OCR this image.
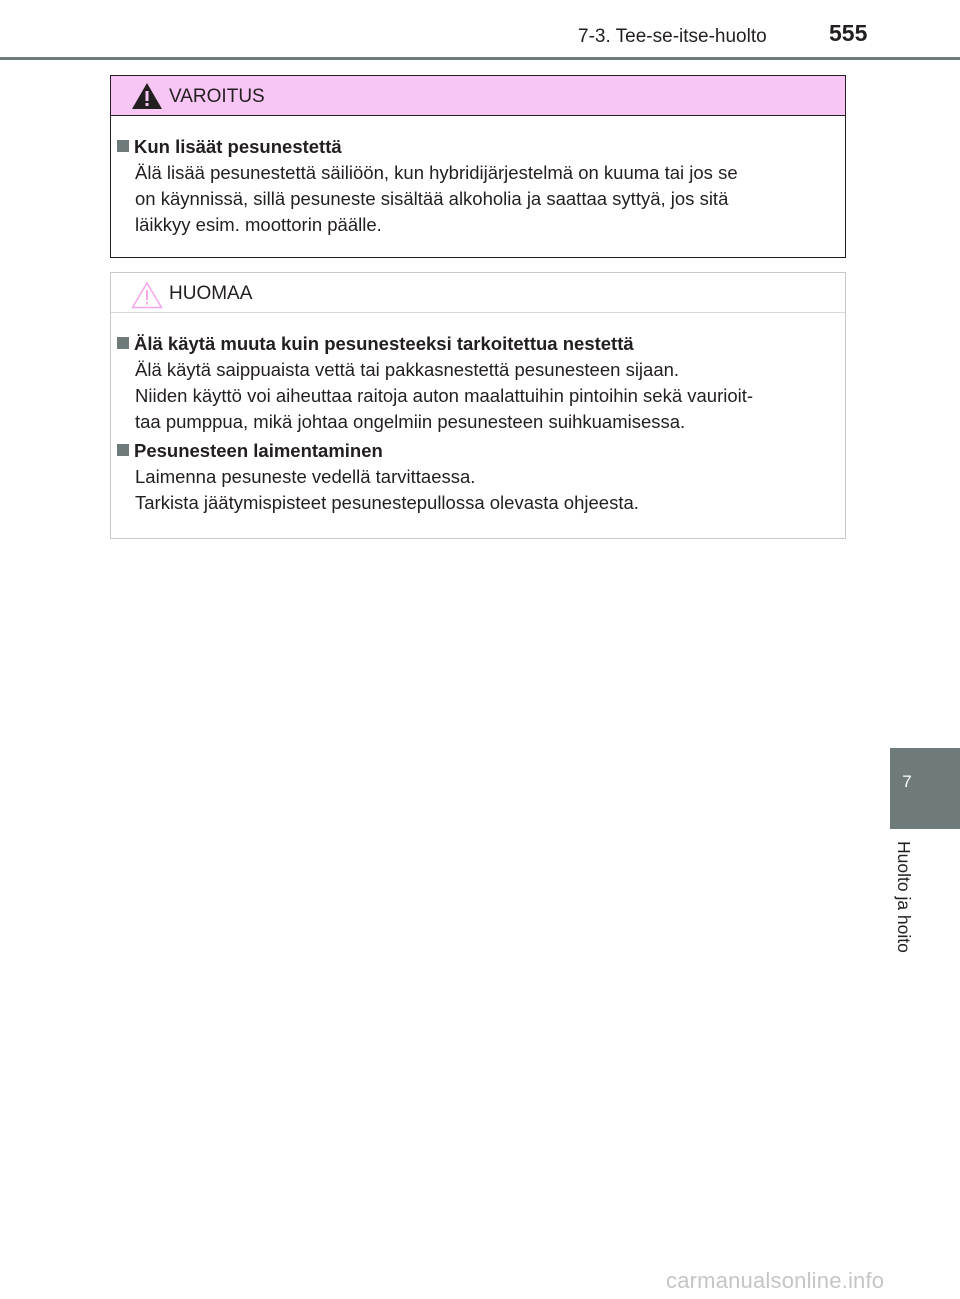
7-3. Tee-se-itse-huolto	555
VAROITUS
Kun lisäät pesunestettä
Älä lisää pesunestettä säiliöön, kun hybridijärjestelmä on kuuma tai jos se
on käynnissä, sillä pesuneste sisältää alkoholia ja saattaa syttyä, jos sitä
läikkyy esim. moottorin päälle.
HUOMAA
Älä käytä muuta kuin pesunesteeksi tarkoitettua nestettä
Älä käytä saippuaista vettä tai pakkasnestettä pesunesteen sijaan.
Niiden käyttö voi aiheuttaa raitoja auton maalattuihin pintoihin sekä vaurioit-
taa pumppua, mikä johtaa ongelmiin pesunesteen suihkuamisessa.
Pesunesteen laimentaminen
Laimenna pesuneste vedellä tarvittaessa.
Tarkista jäätymispisteet pesunestepullossa olevasta ohjeesta.
7
Huolto ja hoito
carmanualsonline.info
